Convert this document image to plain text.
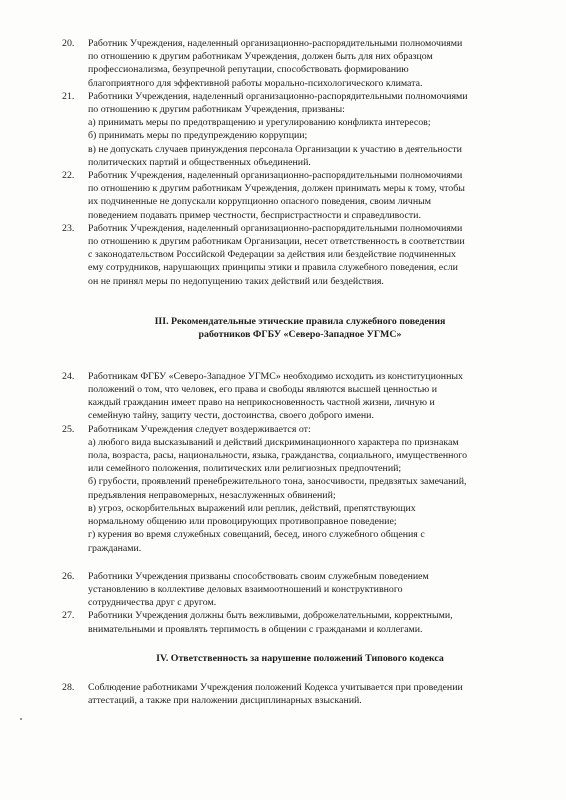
20. Работник Учреждения, наделенный организационно-распорядительными полномочиями
по отношению к другим работникам Учреждения, должен быть для них образцом
профессионализма, безупречной репутации, способствовать формированию
благоприятного для эффективной работы морально-психологического климата.
21. Работники Учреждения, наделенный организационно-распорядительными полномочиями
по отношению к другим работникам Учреждения, призваны:
а) принимать меры по предотвращению и урегулированию конфликта интересов;
б) принимать меры по предупреждению коррупции;
в) не допускать случаев принуждения персонала Организации к участию в деятельности
политических партий и общественных объединений.
22. Работник Учреждения, наделенный организационно-распорядительными полномочиями
по отношению к другим работникам Учреждения, должен принимать меры к тому, чтобы
их подчиненные не допускали коррупционно опасного поведения, своим личным
поведением подавать пример честности, беспристрастности и справедливости.
23. Работник Учреждения, наделенный организационно-распорядительными полномочиями
по отношению к другим работникам Организации, несет ответственность в соответствии
с законодательством Российской Федерации за действия или бездействие подчиненных
ему сотрудников, нарушающих принципы этики и правила служебного поведения, если
он не принял меры по недопущению таких действий или бездействия.
III. Рекомендательные этические правила служебного поведения
работников ФГБУ «Северо-Западное УГМС»
24. Работникам ФГБУ «Северо-Западное УГМС» необходимо исходить из конституционных
положений о том, что человек, его права и свободы являются высшей ценностью и
каждый гражданин имеет право на неприкосновенность частной жизни, личную и
семейную тайну, защиту чести, достоинства, своего доброго имени.
25. Работникам Учреждения следует воздерживается от:
а) любого вида высказываний и действий дискриминационного характера по признакам
пола, возраста, расы, национальности, языка, гражданства, социального, имущественного
или семейного положения, политических или религиозных предпочтений;
б) грубости, проявлений пренебрежительного тона, заносчивости, предвзятых замечаний,
предъявления неправомерных, незаслуженных обвинений;
в) угроз, оскорбительных выражений или реплик, действий, препятствующих
нормальному общению или провоцирующих противоправное поведение;
г) курения во время служебных совещаний, бесед, иного служебного общения с
гражданами.
26. Работники Учреждения призваны способствовать своим служебным поведением
установлению в коллективе деловых взаимоотношений и конструктивного
сотрудничества друг с другом.
27. Работники Учреждения должны быть вежливыми, доброжелательными, корректными,
внимательными и проявлять терпимость в общении с гражданами и коллегами.
IV. Ответственность за нарушение положений Типового кодекса
28. Соблюдение работниками Учреждения положений Кодекса учитывается при проведении
аттестаций, а также при наложении дисциплинарных взысканий.
